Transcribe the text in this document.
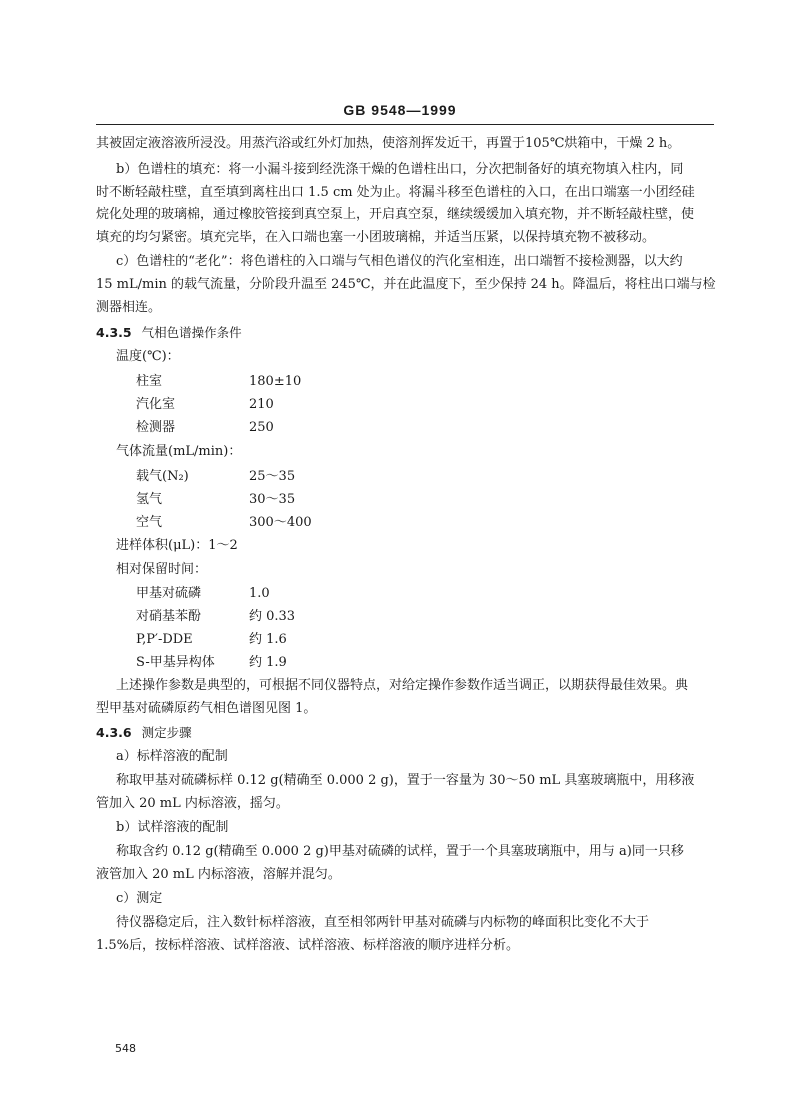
GB 9548—1999
其被固定液溶液所浸没。用蒸汽浴或红外灯加热，使溶剂挥发近干，再置于105℃烘箱中，干燥 2 h。
b）色谱柱的填充：将一小漏斗接到经洗涤干燥的色谱柱出口，分次把制备好的填充物填入柱内，同
时不断轻敲柱壁，直至填到离柱出口 1.5 cm 处为止。将漏斗移至色谱柱的入口，在出口端塞一小团经硅
烷化处理的玻璃棉，通过橡胶管接到真空泵上，开启真空泵，继续缓缓加入填充物，并不断轻敲柱壁，使
填充的均匀紧密。填充完毕，在入口端也塞一小团玻璃棉，并适当压紧，以保持填充物不被移动。
c）色谱柱的“老化”：将色谱柱的入口端与气相色谱仪的汽化室相连，出口端暂不接检测器，以大约
15 mL/min 的载气流量，分阶段升温至 245℃，并在此温度下，至少保持 24 h。降温后，将柱出口端与检
测器相连。
4.3.5 气相色谱操作条件
温度(℃)：
柱室	180±10
汽化室	210
检测器	250
气体流量(mL/min)：
载气(N₂)	25～35
氢气	30～35
空气	300～400
进样体积(μL)：1～2
相对保留时间：
甲基对硫磷	1.0
对硝基苯酚	约 0.33
P,P′-DDE	约 1.6
S-甲基异构体	约 1.9
上述操作参数是典型的，可根据不同仪器特点，对给定操作参数作适当调正，以期获得最佳效果。典
型甲基对硫磷原药气相色谱图见图 1。
4.3.6 测定步骤
a）标样溶液的配制
称取甲基对硫磷标样 0.12 g(精确至 0.000 2 g)，置于一容量为 30～50 mL 具塞玻璃瓶中，用移液
管加入 20 mL 内标溶液，摇匀。
b）试样溶液的配制
称取含约 0.12 g(精确至 0.000 2 g)甲基对硫磷的试样，置于一个具塞玻璃瓶中，用与 a)同一只移
液管加入 20 mL 内标溶液，溶解并混匀。
c）测定
待仪器稳定后，注入数针标样溶液，直至相邻两针甲基对硫磷与内标物的峰面积比变化不大于
1.5%后，按标样溶液、试样溶液、试样溶液、标样溶液的顺序进样分析。
548
